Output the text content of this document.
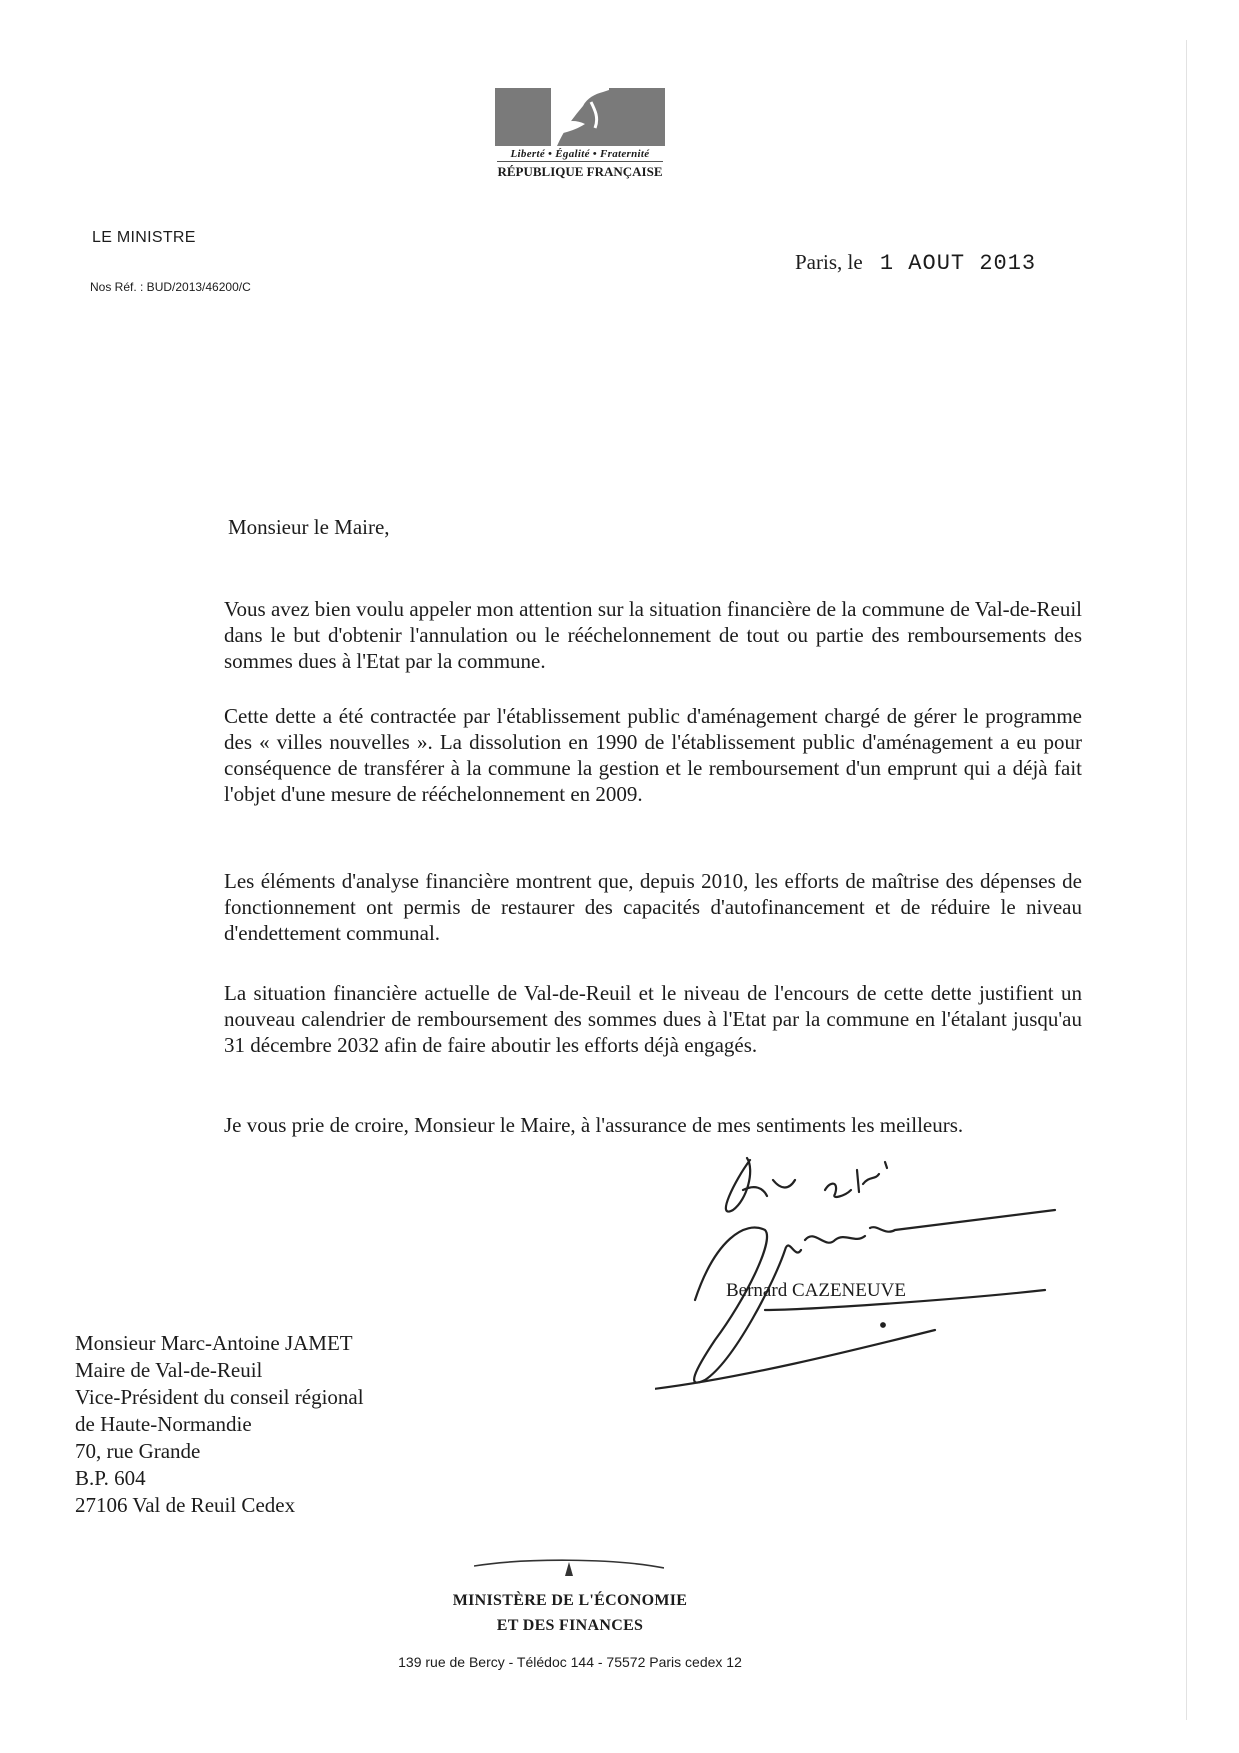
Liberté • Égalité • Fraternité
RÉPUBLIQUE FRANÇAISE
LE MINISTRE
Nos Réf. : BUD/2013/46200/C
Paris, le 1 AOUT 2013
Monsieur le Maire,

Vous avez bien voulu appeler mon attention sur la situation financière de la commune de Val-de-Reuil dans le but d'obtenir l'annulation ou le rééchelonnement de tout ou partie des remboursements des sommes dues à l'Etat par la commune.

Cette dette a été contractée par l'établissement public d'aménagement chargé de gérer le programme des « villes nouvelles ». La dissolution en 1990 de l'établissement public d'aménagement a eu pour conséquence de transférer à la commune la gestion et le remboursement d'un emprunt qui a déjà fait l'objet d'une mesure de rééchelonnement en 2009.

Les éléments d'analyse financière montrent que, depuis 2010, les efforts de maîtrise des dépenses de fonctionnement ont permis de restaurer des capacités d'autofinancement et de réduire le niveau d'endettement communal.

La situation financière actuelle de Val-de-Reuil et le niveau de l'encours de cette dette justifient un nouveau calendrier de remboursement des sommes dues à l'Etat par la commune en l'étalant jusqu'au 31 décembre 2032 afin de faire aboutir les efforts déjà engagés.

Je vous prie de croire, Monsieur le Maire, à l'assurance de mes sentiments les meilleurs.

Bernard CAZENEUVE
Monsieur Marc-Antoine JAMET
Maire de Val-de-Reuil
Vice-Président du conseil régional
de Haute-Normandie
70, rue Grande
B.P. 604
27106 Val de Reuil Cedex
MINISTÈRE DE L'ÉCONOMIE
ET DES FINANCES
139 rue de Bercy - Télédoc 144 - 75572 Paris cedex 12
